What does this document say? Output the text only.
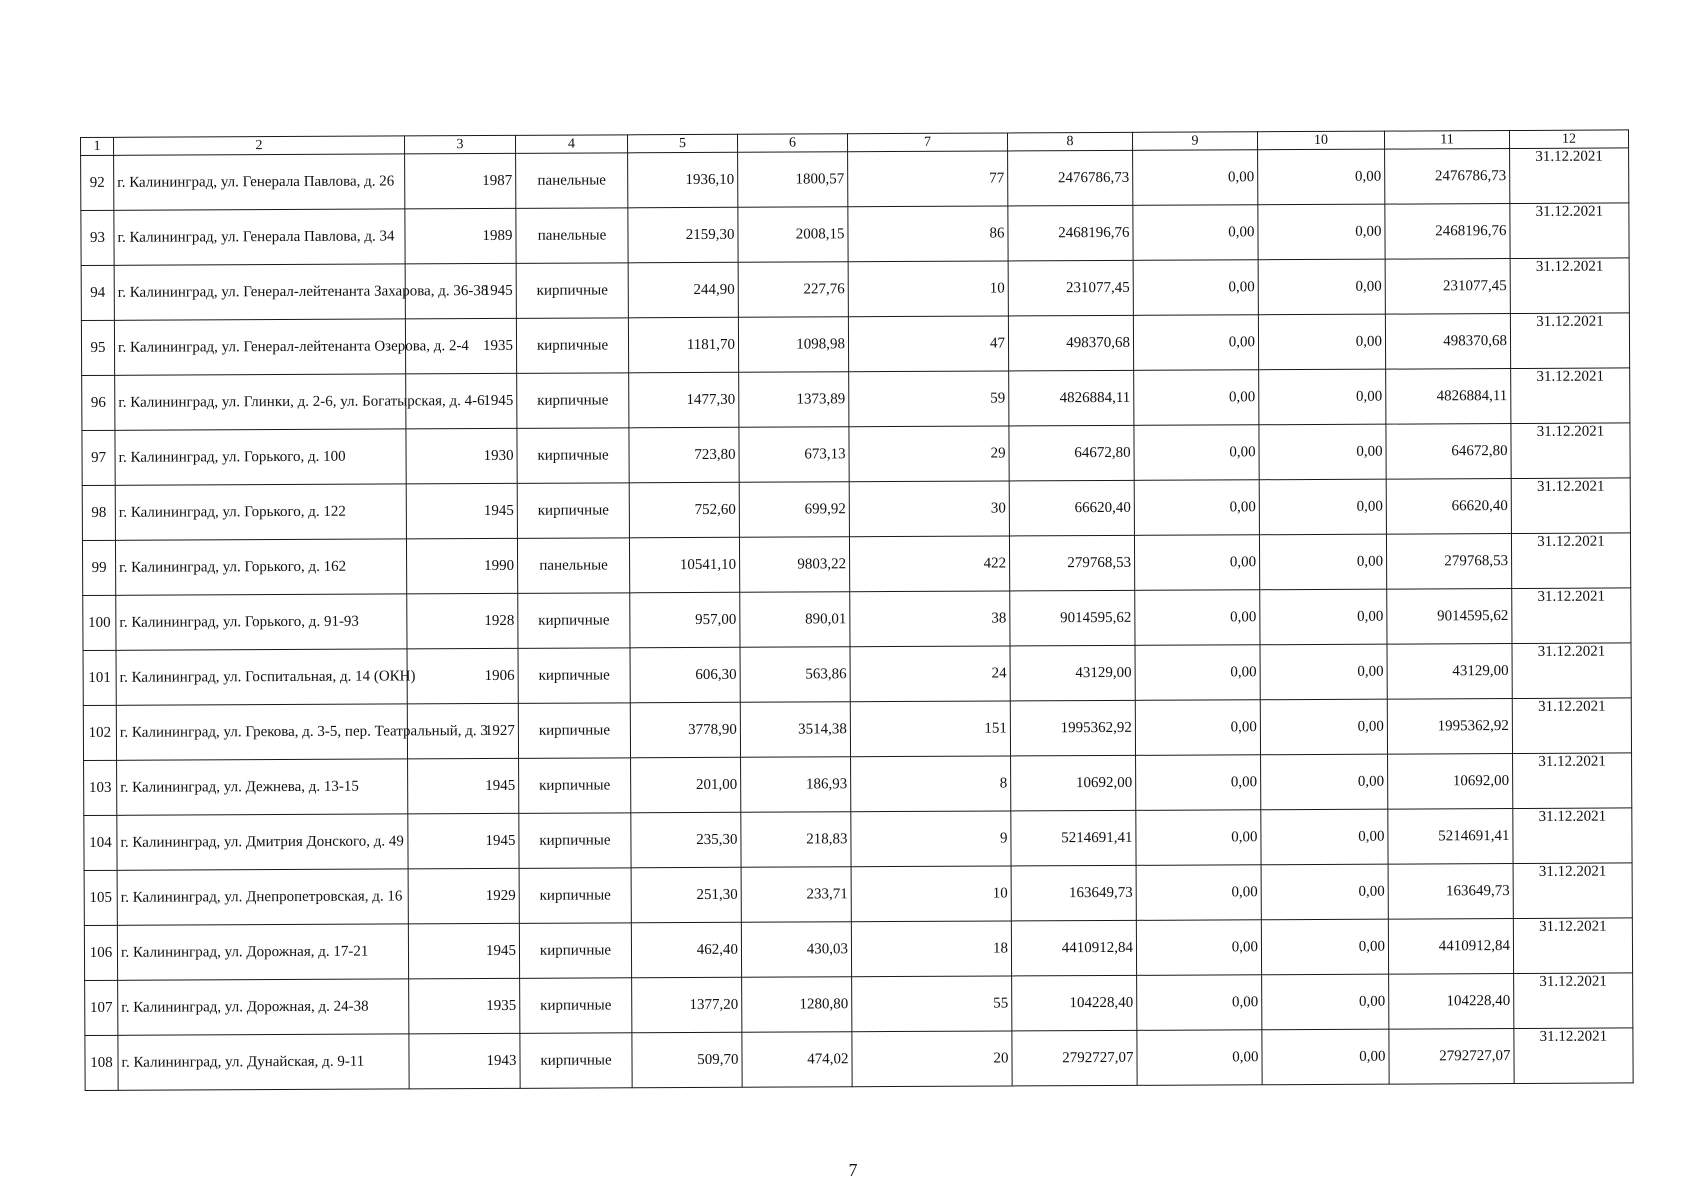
1	2	3	4	5	6	7	8	9	10	11	12
92	г. Калининград, ул. Генерала Павлова, д. 26	1987	панельные	1936,10	1800,57	77	2476786,73	0,00	0,00	2476786,73	31.12.2021
93	г. Калининград, ул. Генерала Павлова, д. 34	1989	панельные	2159,30	2008,15	86	2468196,76	0,00	0,00	2468196,76	31.12.2021
94	г. Калининград, ул. Генерал-лейтенанта Захарова, д. 36-38	1945	кирпичные	244,90	227,76	10	231077,45	0,00	0,00	231077,45	31.12.2021
95	г. Калининград, ул. Генерал-лейтенанта Озерова, д. 2-4	1935	кирпичные	1181,70	1098,98	47	498370,68	0,00	0,00	498370,68	31.12.2021
96	г. Калининград, ул. Глинки, д. 2-6, ул. Богатырская, д. 4-6	1945	кирпичные	1477,30	1373,89	59	4826884,11	0,00	0,00	4826884,11	31.12.2021
97	г. Калининград, ул. Горького, д. 100	1930	кирпичные	723,80	673,13	29	64672,80	0,00	0,00	64672,80	31.12.2021
98	г. Калининград, ул. Горького, д. 122	1945	кирпичные	752,60	699,92	30	66620,40	0,00	0,00	66620,40	31.12.2021
99	г. Калининград, ул. Горького, д. 162	1990	панельные	10541,10	9803,22	422	279768,53	0,00	0,00	279768,53	31.12.2021
100	г. Калининград, ул. Горького, д. 91-93	1928	кирпичные	957,00	890,01	38	9014595,62	0,00	0,00	9014595,62	31.12.2021
101	г. Калининград, ул. Госпитальная, д. 14 (ОКН)	1906	кирпичные	606,30	563,86	24	43129,00	0,00	0,00	43129,00	31.12.2021
102	г. Калининград, ул. Грекова, д. 3-5, пер. Театральный, д. 3	1927	кирпичные	3778,90	3514,38	151	1995362,92	0,00	0,00	1995362,92	31.12.2021
103	г. Калининград, ул. Дежнева, д. 13-15	1945	кирпичные	201,00	186,93	8	10692,00	0,00	0,00	10692,00	31.12.2021
104	г. Калининград, ул. Дмитрия Донского, д. 49	1945	кирпичные	235,30	218,83	9	5214691,41	0,00	0,00	5214691,41	31.12.2021
105	г. Калининград, ул. Днепропетровская, д. 16	1929	кирпичные	251,30	233,71	10	163649,73	0,00	0,00	163649,73	31.12.2021
106	г. Калининград, ул. Дорожная, д. 17-21	1945	кирпичные	462,40	430,03	18	4410912,84	0,00	0,00	4410912,84	31.12.2021
107	г. Калининград, ул. Дорожная, д. 24-38	1935	кирпичные	1377,20	1280,80	55	104228,40	0,00	0,00	104228,40	31.12.2021
108	г. Калининград, ул. Дунайская, д. 9-11	1943	кирпичные	509,70	474,02	20	2792727,07	0,00	0,00	2792727,07	31.12.2021
7
